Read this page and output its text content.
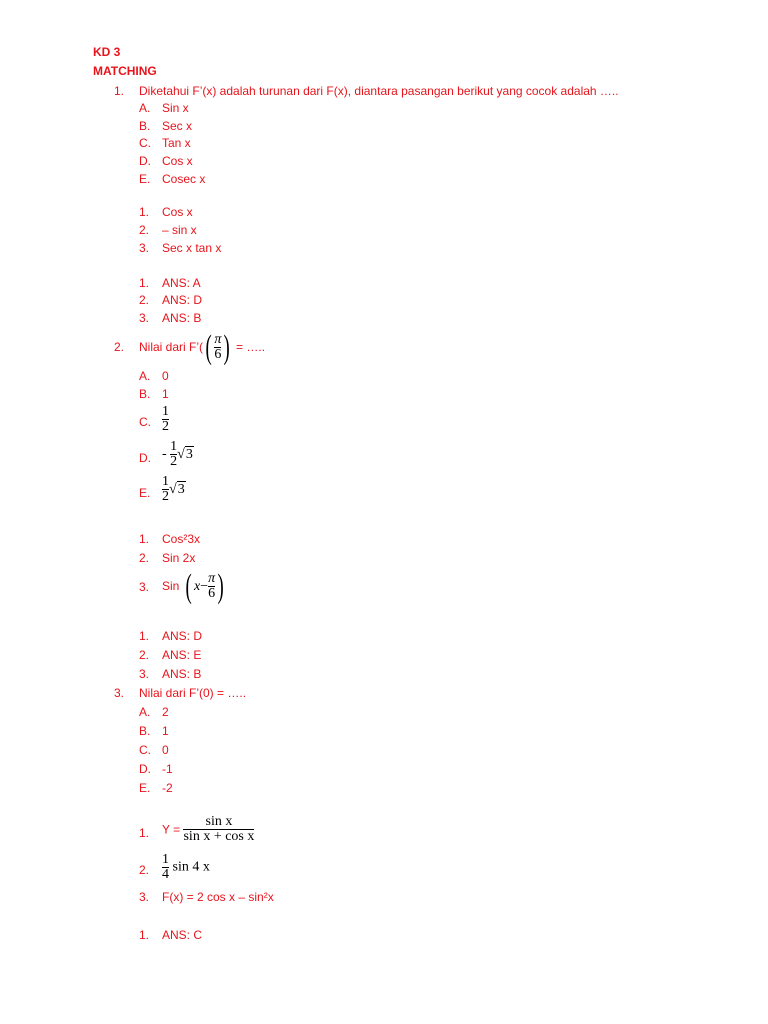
KD 3
MATCHING
1. Diketahui F’(x) adalah turunan dari F(x), diantara pasangan berikut yang cocok adalah …..
A. Sin x
B. Sec x
C. Tan x
D. Cos x
E. Cosec x
1.	Cos x
2.	– sin x
3.	Sec x tan x
1.	ANS: A
2.	ANS: D
3.	ANS: B
2. Nilai dari F’(( $\frac{\pi}{6}$ ) = …..
A. 0
B. 1
C. $\frac{1}{2}$
D. - $\frac{1}{2} √3$
E. $\frac{1}{2} √3$
1.	Cos²3x
2.	Sin 2x
3.	Sin ( $x- \frac{\pi}{6}$ )
1.	ANS: D
2.	ANS: E
3.	ANS: B
3. Nilai dari F’(0) = …..
A. 2
B. 1
C. 0
D. -1
E. -2
1.	$Y = \frac{\text{sin x}}{\text{sin x + cos x}}$
2. $\frac{1}{4}$ sin 4 x
3.	F(x) = 2 cos x – sin²x
1.	ANS: C
